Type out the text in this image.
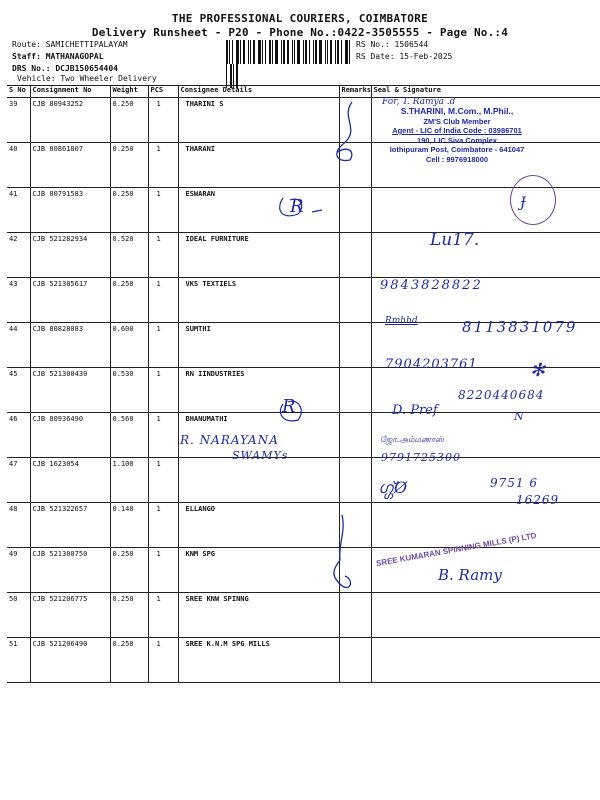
THE PROFESSIONAL COURIERS, COIMBATORE
Delivery Runsheet - P20 - Phone No.:0422-3505555 - Page No.:4
Route: SAMICHETTIPALAYAM
Staff: MATHANAGOPAL
DRS No.: DCJB150654404
Vehicle: Two Wheeler Delivery
RS No.: 1506544
RS Date: 15-Feb-2025
S No	Consignment No	Weight	PCS	Consignee Details	Remarks	Seal & Signature
39	CJB 80943252	0.250	1	THARINI S		
40	CJB 80861807	0.250	1	THARANI		
41	CJB 80791583	0.250	1	ESWARAN		
42	CJB 521282934	0.520	1	IDEAL FURNITURE		
43	CJB 521305617	0.250	1	VKS TEXTIELS		
44	CJB 80828083	0.600	1	SUMTHI		
45	CJB 521300430	0.530	1	RN IINDUSTRIES		
46	CJB 80936490	0.560	1	BHANUMATHI		
47	CJB 1623054	1.100	1			
48	CJB 521322657	0.140	1	ELLANGO		
49	CJB 521300750	0.250	1	KNM SPG		
50	CJB 521206775	0.250	1	SREE KNW SPINNG		
51	CJB 521206490	0.250	1	SREE K.N.M SPG MILLS		
For, T. Ramya .d
S.THARINI, M.Com., M.Phil.,
ZM'S Club Member
Agent - LIC of India Code : 03986701
190, LIC Siva Complex
Iothipuram Post, Coimbatore - 641047
Cell : 9976918000
Ɉ
R
Lu17.
9843828822
8113831079
Rmhhd
7904203761	✻
R
8220440684
D. Pref	N
R. NARAYANA
SWAMYs
ஜோ.அம்மணாஸ்
9791725300
ഗ്ഗ്Ø	9751 6
16269
SREE KUMARAN SPINNING MILLS (P) LTD
B. Ramy
